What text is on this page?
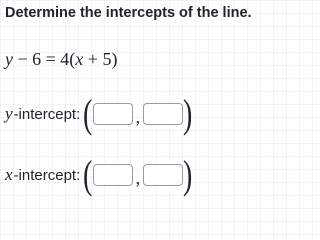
Determine the intercepts of the line.
y − 6 = 4(x + 5)
y -intercept: ( , )
x -intercept: ( , )
